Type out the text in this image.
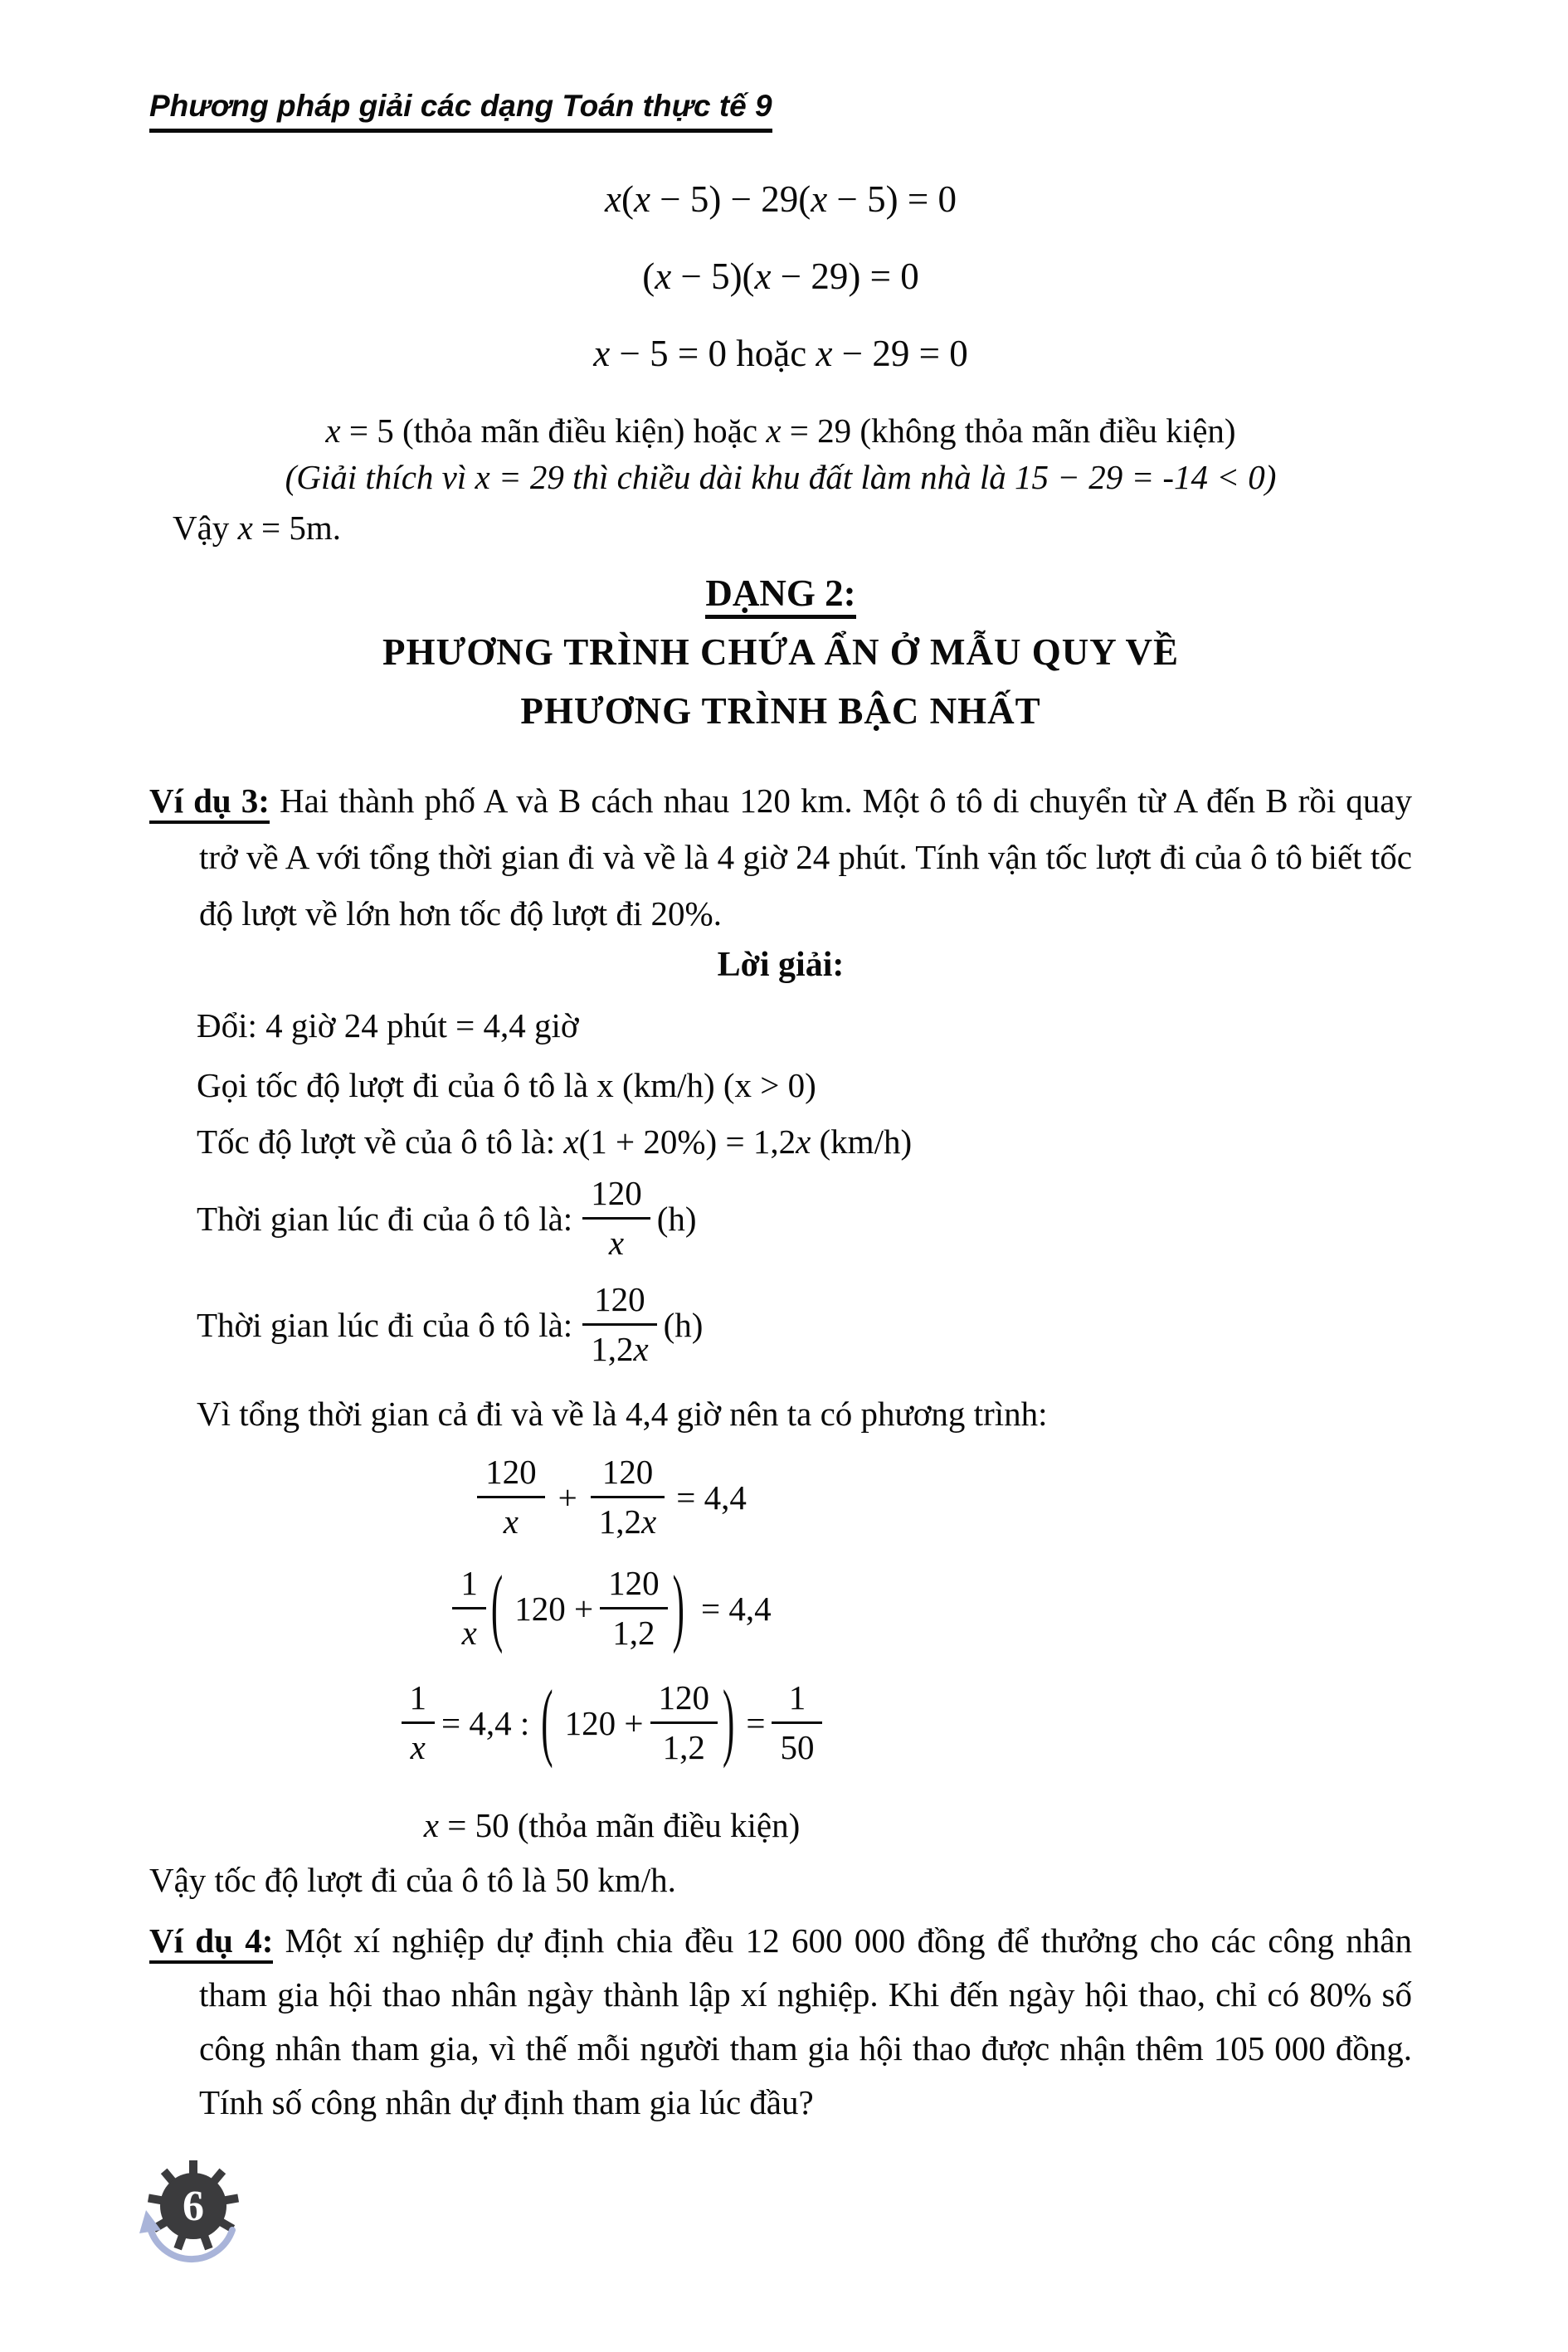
Phương pháp giải các dạng Toán thực tế 9
x(x − 5) − 29(x − 5) = 0
(x − 5)(x − 29) = 0
x − 5 = 0 hoặc x − 29 = 0
x = 5 (thỏa mãn điều kiện) hoặc x = 29 (không thỏa mãn điều kiện)
(Giải thích vì x = 29 thì chiều dài khu đất làm nhà là 15 − 29 = -14 < 0)
Vậy x = 5m.
DẠNG 2:
PHƯƠNG TRÌNH CHỨA ẨN Ở MẪU QUY VỀ
PHƯƠNG TRÌNH BẬC NHẤT
Ví dụ 3: Hai thành phố A và B cách nhau 120 km. Một ô tô di chuyển từ A đến B rồi quay trở về A với tổng thời gian đi và về là 4 giờ 24 phút. Tính vận tốc lượt đi của ô tô biết tốc độ lượt về lớn hơn tốc độ lượt đi 20%.
Lời giải:
Đổi: 4 giờ 24 phút = 4,4 giờ
Gọi tốc độ lượt đi của ô tô là x (km/h) (x > 0)
Tốc độ lượt về của ô tô là: x(1 + 20%) = 1,2x (km/h)
Thời gian lúc đi của ô tô là: $\frac{120}{x} (h)$
Thời gian lúc đi của ô tô là: $\frac{120}{1,2x} (h)$
Vì tổng thời gian cả đi và về là 4,4 giờ nên ta có phương trình:
$\frac{120}{x} + \frac{120}{1,2x} = 4,4$
$\frac{1}{x}$ ( $120 + \frac{120}{1,2}$ ) = 4,4
$\frac{1}{x} = 4,4$ : ( $120 + \frac{120}{1,2}$ ) = $\frac{1}{50}$
x = 50 (thỏa mãn điều kiện)
Vậy tốc độ lượt đi của ô tô là 50 km/h.
Ví dụ 4: Một xí nghiệp dự định chia đều 12 600 000 đồng để thưởng cho các công nhân tham gia hội thao nhân ngày thành lập xí nghiệp. Khi đến ngày hội thao, chỉ có 80% số công nhân tham gia, vì thế mỗi người tham gia hội thao được nhận thêm 105 000 đồng. Tính số công nhân dự định tham gia lúc đầu?
6
